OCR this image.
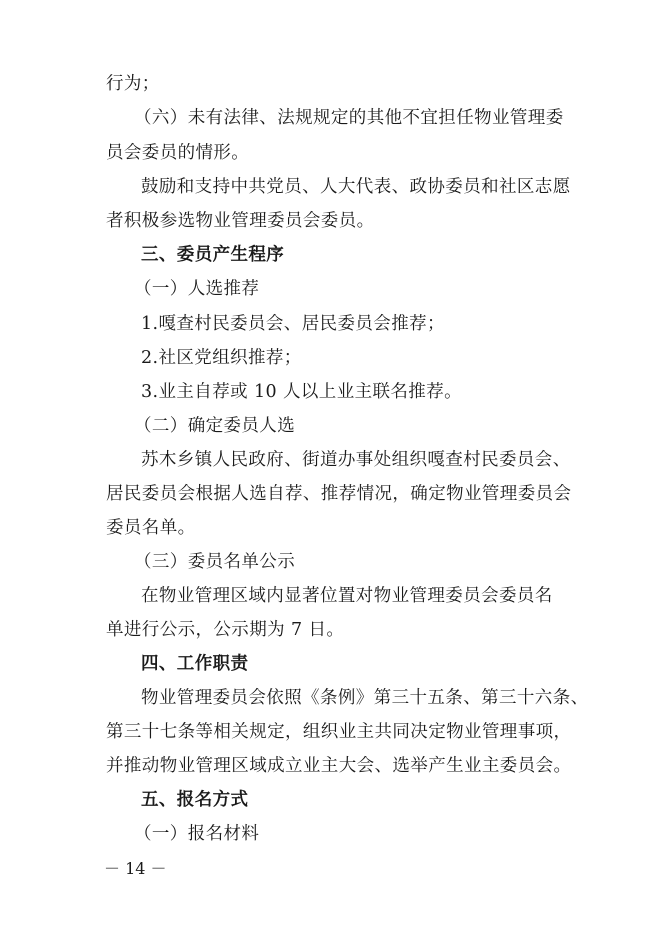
行为；
（六）未有法律、法规规定的其他不宜担任物业管理委
员会委员的情形。
鼓励和支持中共党员、人大代表、政协委员和社区志愿
者积极参选物业管理委员会委员。
三、委员产生程序
（一）人选推荐
1.嘎查村民委员会、居民委员会推荐；
2.社区党组织推荐；
3.业主自荐或 10 人以上业主联名推荐。
（二）确定委员人选
苏木乡镇人民政府、街道办事处组织嘎查村民委员会、
居民委员会根据人选自荐、推荐情况，确定物业管理委员会
委员名单。
（三）委员名单公示
在物业管理区域内显著位置对物业管理委员会委员名
单进行公示，公示期为 7 日。
四、工作职责
物业管理委员会依照《条例》第三十五条、第三十六条、
第三十七条等相关规定，组织业主共同决定物业管理事项，
并推动物业管理区域成立业主大会、选举产生业主委员会。
五、报名方式
（一）报名材料
－ 14 －
